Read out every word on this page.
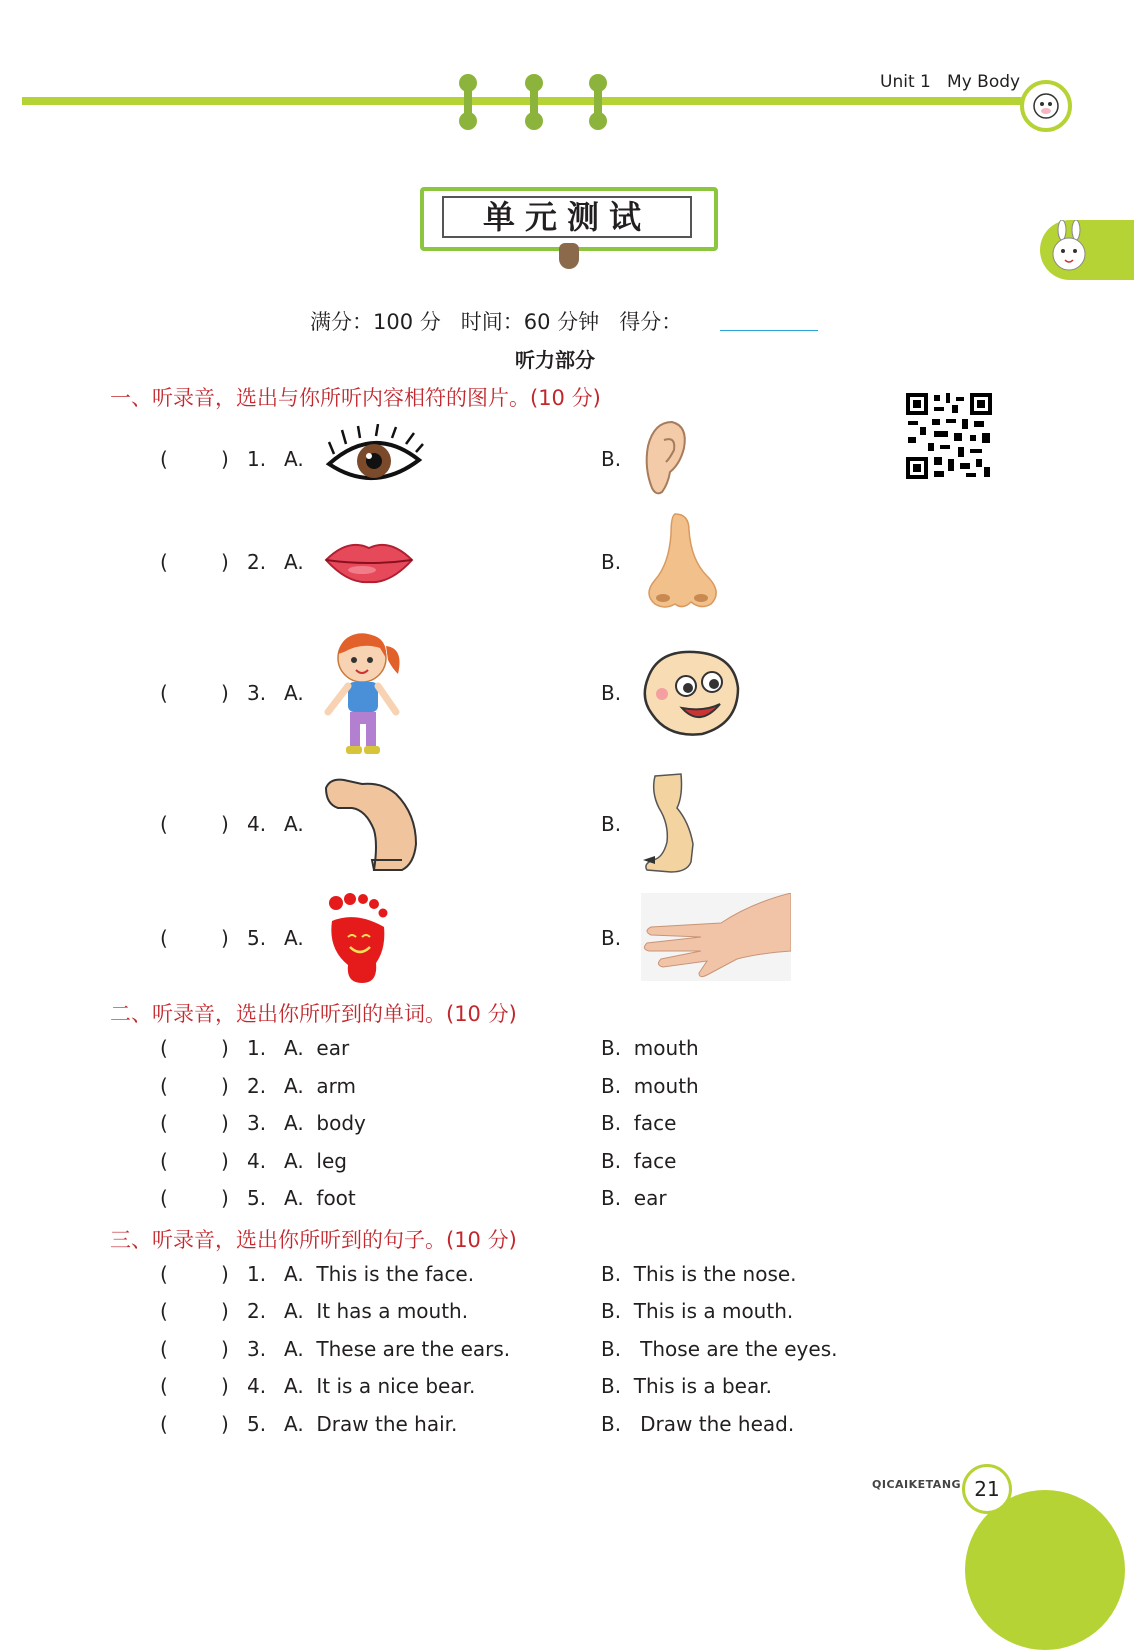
Unit 1   My Body
单元测试
满分：100 分   时间：60 分钟   得分：
听力部分
一、听录音，选出与你所听内容相符的图片。(10 分)
(	) 1. A.	B.
(	) 2. A.	B.
(	) 3. A.	B.
(	) 4. A.	B.
(	) 5. A.	B.
二、听录音，选出你所听到的单词。(10 分)
(	) 1. A.  ear	B.  mouth
(	) 2. A.  arm	B.  mouth
(	) 3. A.  body	B.  face
(	) 4. A.  leg	B.  face
(	) 5. A.  foot	B.  ear
三、听录音，选出你所听到的句子。(10 分)
(	) 1. A.  This is the face.	B.  This is the nose.
(	) 2. A.  It has a mouth.	B.  This is a mouth.
(	) 3. A.  These are the ears.	B.   Those are the eyes.
(	) 4. A.  It is a nice bear.	B.  This is a bear.
(	) 5. A.  Draw the hair.	B.   Draw the head.
QICAIKETANG 21
